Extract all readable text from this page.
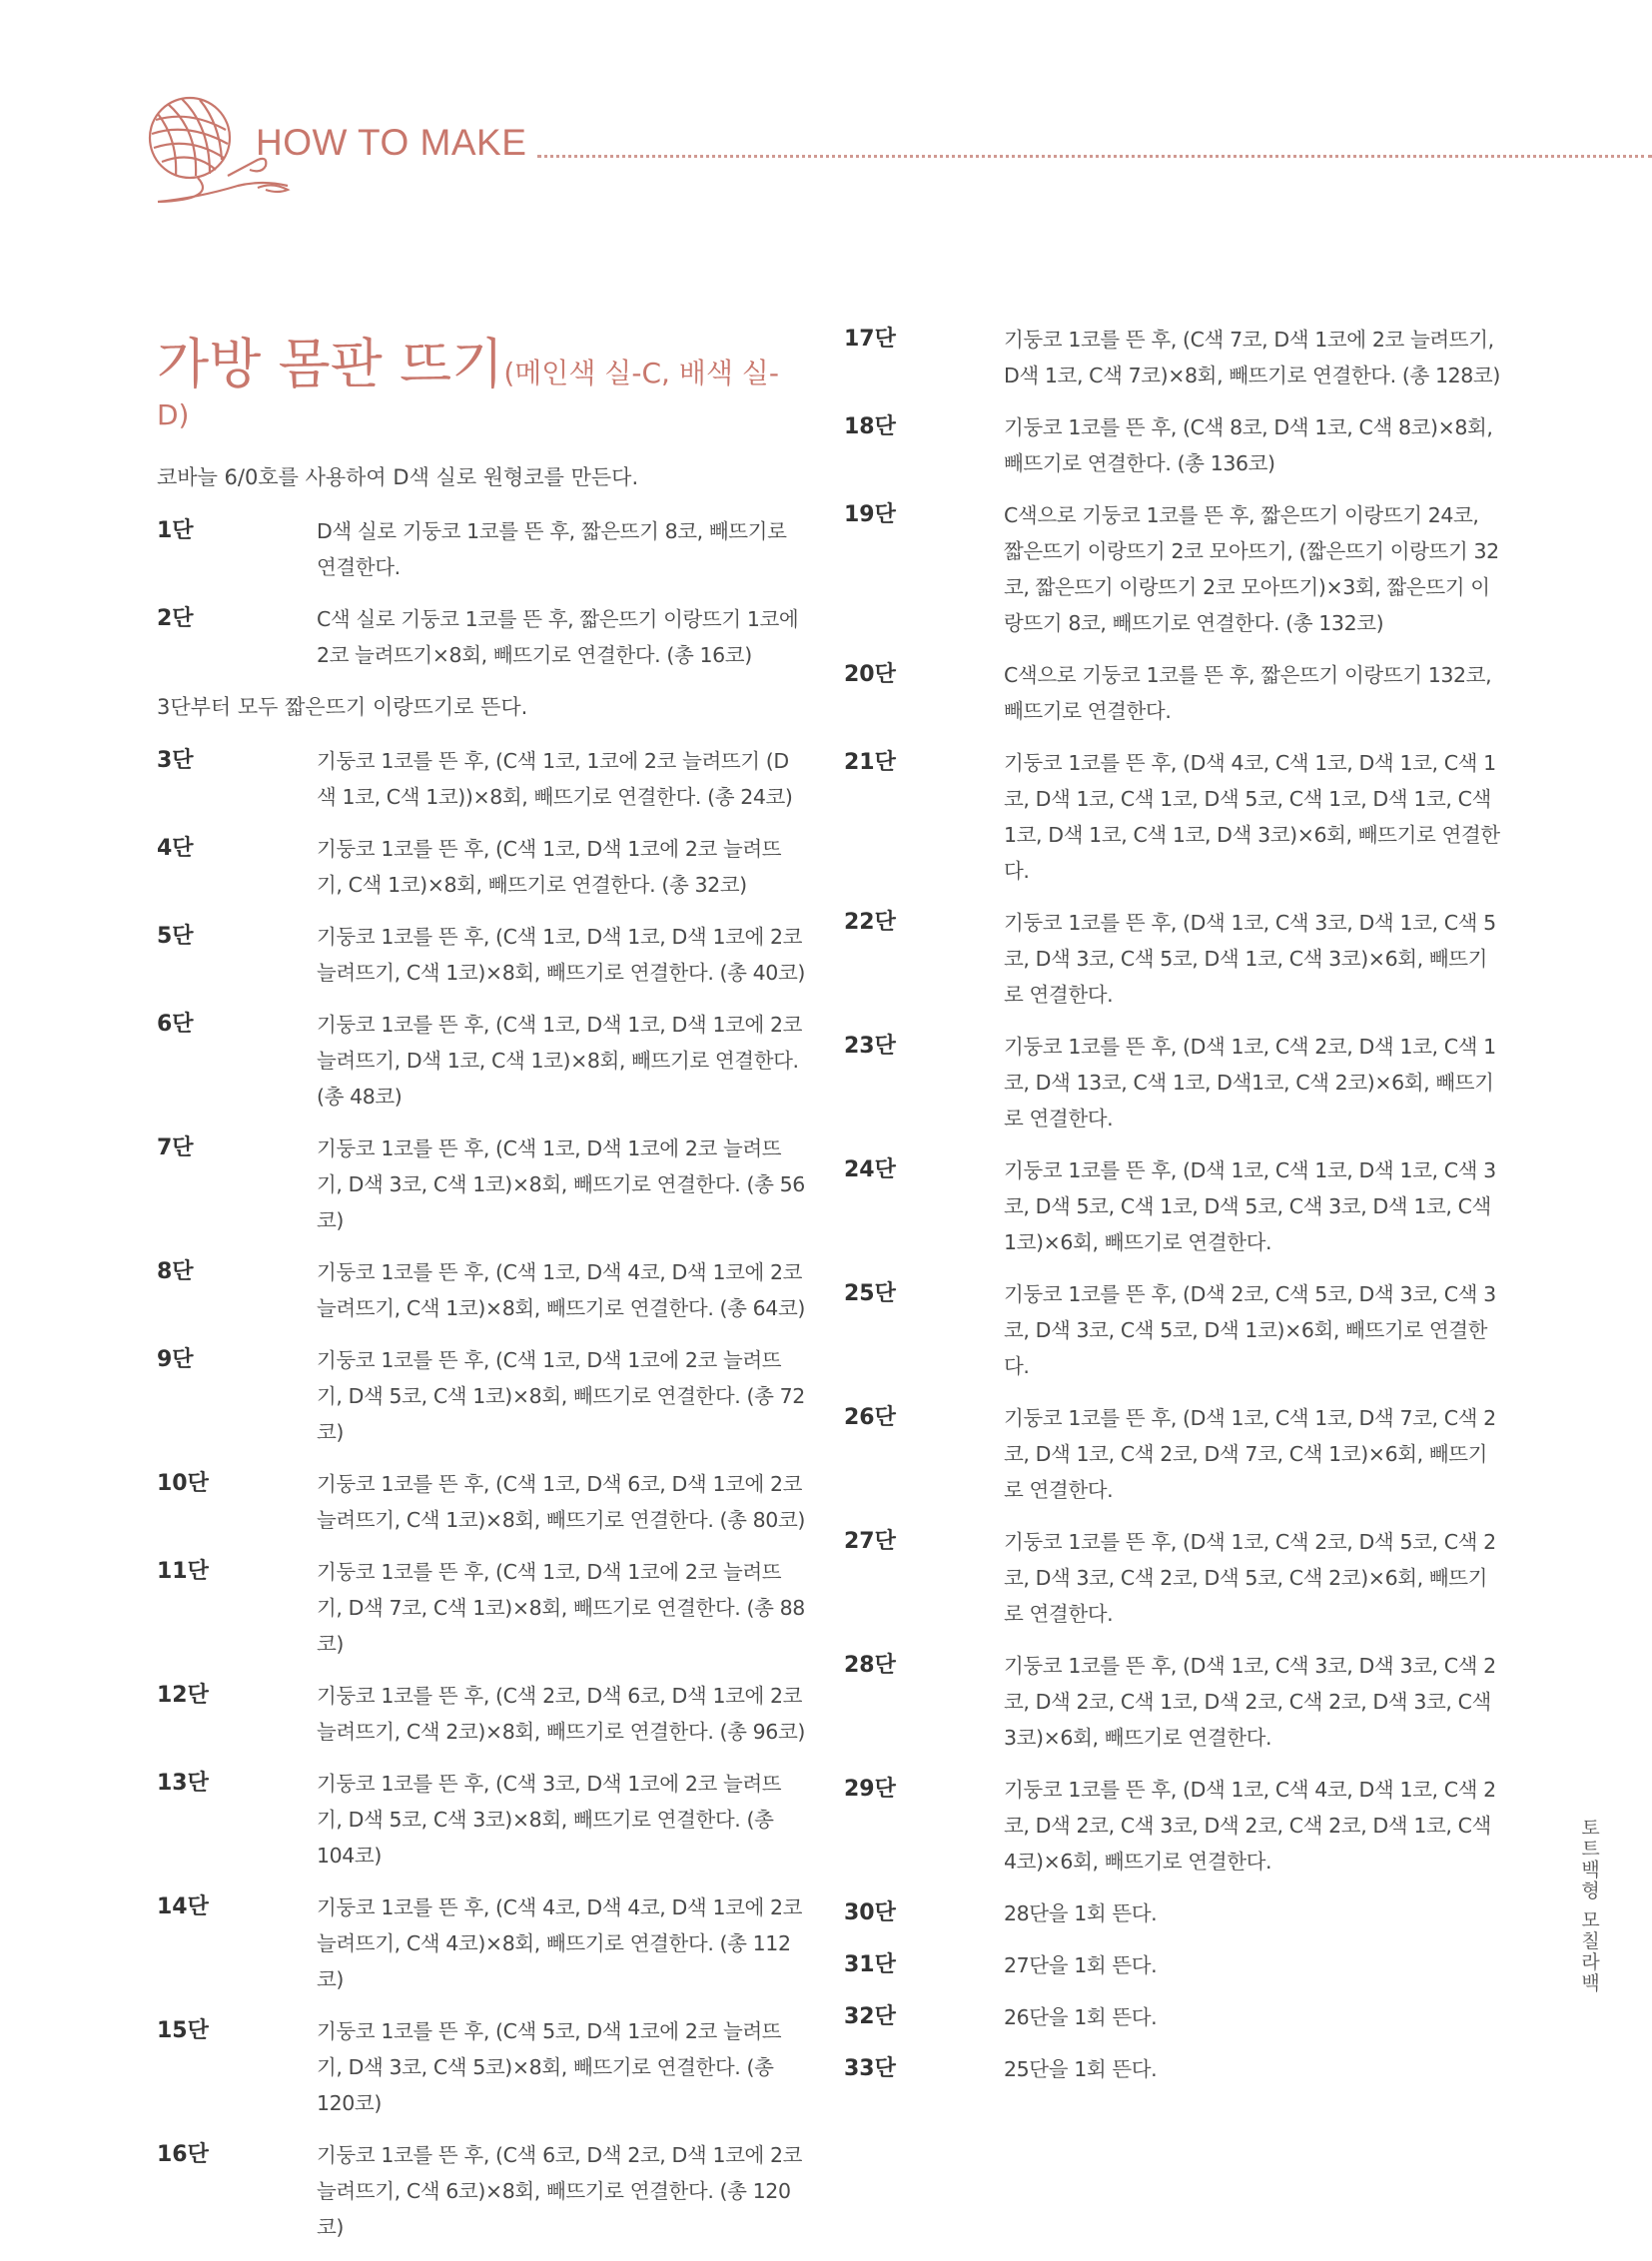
HOW TO MAKE
가방 몸판 뜨기(메인색 실-C, 배색 실-D)
코바늘 6/0호를 사용하여 D색 실로 원형코를 만든다.
1단	D색 실로 기둥코 1코를 뜬 후, 짧은뜨기 8코, 빼뜨기로 연결한다.
2단	C색 실로 기둥코 1코를 뜬 후, 짧은뜨기 이랑뜨기 1코에 2코 늘려뜨기×8회, 빼뜨기로 연결한다. (총 16코)
3단부터 모두 짧은뜨기 이랑뜨기로 뜬다.
3단	기둥코 1코를 뜬 후, (C색 1코, 1코에 2코 늘려뜨기 (D색 1코, C색 1코))×8회, 빼뜨기로 연결한다. (총 24코)
4단	기둥코 1코를 뜬 후, (C색 1코, D색 1코에 2코 늘려뜨기, C색 1코)×8회, 빼뜨기로 연결한다. (총 32코)
5단	기둥코 1코를 뜬 후, (C색 1코, D색 1코, D색 1코에 2코 늘려뜨기, C색 1코)×8회, 빼뜨기로 연결한다. (총 40코)
6단	기둥코 1코를 뜬 후, (C색 1코, D색 1코, D색 1코에 2코 늘려뜨기, D색 1코, C색 1코)×8회, 빼뜨기로 연결한다. (총 48코)
7단	기둥코 1코를 뜬 후, (C색 1코, D색 1코에 2코 늘려뜨기, D색 3코, C색 1코)×8회, 빼뜨기로 연결한다. (총 56코)
8단	기둥코 1코를 뜬 후, (C색 1코, D색 4코, D색 1코에 2코 늘려뜨기, C색 1코)×8회, 빼뜨기로 연결한다. (총 64코)
9단	기둥코 1코를 뜬 후, (C색 1코, D색 1코에 2코 늘려뜨기, D색 5코, C색 1코)×8회, 빼뜨기로 연결한다. (총 72코)
10단	기둥코 1코를 뜬 후, (C색 1코, D색 6코, D색 1코에 2코 늘려뜨기, C색 1코)×8회, 빼뜨기로 연결한다. (총 80코)
11단	기둥코 1코를 뜬 후, (C색 1코, D색 1코에 2코 늘려뜨기, D색 7코, C색 1코)×8회, 빼뜨기로 연결한다. (총 88코)
12단	기둥코 1코를 뜬 후, (C색 2코, D색 6코, D색 1코에 2코 늘려뜨기, C색 2코)×8회, 빼뜨기로 연결한다. (총 96코)
13단	기둥코 1코를 뜬 후, (C색 3코, D색 1코에 2코 늘려뜨기, D색 5코, C색 3코)×8회, 빼뜨기로 연결한다. (총 104코)
14단	기둥코 1코를 뜬 후, (C색 4코, D색 4코, D색 1코에 2코 늘려뜨기, C색 4코)×8회, 빼뜨기로 연결한다. (총 112코)
15단	기둥코 1코를 뜬 후, (C색 5코, D색 1코에 2코 늘려뜨기, D색 3코, C색 5코)×8회, 빼뜨기로 연결한다. (총 120코)
16단	기둥코 1코를 뜬 후, (C색 6코, D색 2코, D색 1코에 2코 늘려뜨기, C색 6코)×8회, 빼뜨기로 연결한다. (총 120코)
17단	기둥코 1코를 뜬 후, (C색 7코, D색 1코에 2코 늘려뜨기, D색 1코, C색 7코)×8회, 빼뜨기로 연결한다. (총 128코)
18단	기둥코 1코를 뜬 후, (C색 8코, D색 1코, C색 8코)×8회, 빼뜨기로 연결한다. (총 136코)
19단	C색으로 기둥코 1코를 뜬 후, 짧은뜨기 이랑뜨기 24코, 짧은뜨기 이랑뜨기 2코 모아뜨기, (짧은뜨기 이랑뜨기 32코, 짧은뜨기 이랑뜨기 2코 모아뜨기)×3회, 짧은뜨기 이랑뜨기 8코, 빼뜨기로 연결한다. (총 132코)
20단	C색으로 기둥코 1코를 뜬 후, 짧은뜨기 이랑뜨기 132코, 빼뜨기로 연결한다.
21단	기둥코 1코를 뜬 후, (D색 4코, C색 1코, D색 1코, C색 1코, D색 1코, C색 1코, D색 5코, C색 1코, D색 1코, C색 1코, D색 1코, C색 1코, D색 3코)×6회, 빼뜨기로 연결한다.
22단	기둥코 1코를 뜬 후, (D색 1코, C색 3코, D색 1코, C색 5코, D색 3코, C색 5코, D색 1코, C색 3코)×6회, 빼뜨기로 연결한다.
23단	기둥코 1코를 뜬 후, (D색 1코, C색 2코, D색 1코, C색 1코, D색 13코, C색 1코, D색1코, C색 2코)×6회, 빼뜨기로 연결한다.
24단	기둥코 1코를 뜬 후, (D색 1코, C색 1코, D색 1코, C색 3코, D색 5코, C색 1코, D색 5코, C색 3코, D색 1코, C색 1코)×6회, 빼뜨기로 연결한다.
25단	기둥코 1코를 뜬 후, (D색 2코, C색 5코, D색 3코, C색 3코, D색 3코, C색 5코, D색 1코)×6회, 빼뜨기로 연결한다.
26단	기둥코 1코를 뜬 후, (D색 1코, C색 1코, D색 7코, C색 2코, D색 1코, C색 2코, D색 7코, C색 1코)×6회, 빼뜨기로 연결한다.
27단	기둥코 1코를 뜬 후, (D색 1코, C색 2코, D색 5코, C색 2코, D색 3코, C색 2코, D색 5코, C색 2코)×6회, 빼뜨기로 연결한다.
28단	기둥코 1코를 뜬 후, (D색 1코, C색 3코, D색 3코, C색 2코, D색 2코, C색 1코, D색 2코, C색 2코, D색 3코, C색 3코)×6회, 빼뜨기로 연결한다.
29단	기둥코 1코를 뜬 후, (D색 1코, C색 4코, D색 1코, C색 2코, D색 2코, C색 3코, D색 2코, C색 2코, D색 1코, C색 4코)×6회, 빼뜨기로 연결한다.
30단	28단을 1회 뜬다.
31단	27단을 1회 뜬다.
32단	26단을 1회 뜬다.
33단	25단을 1회 뜬다.
토트백형 모칠라백
